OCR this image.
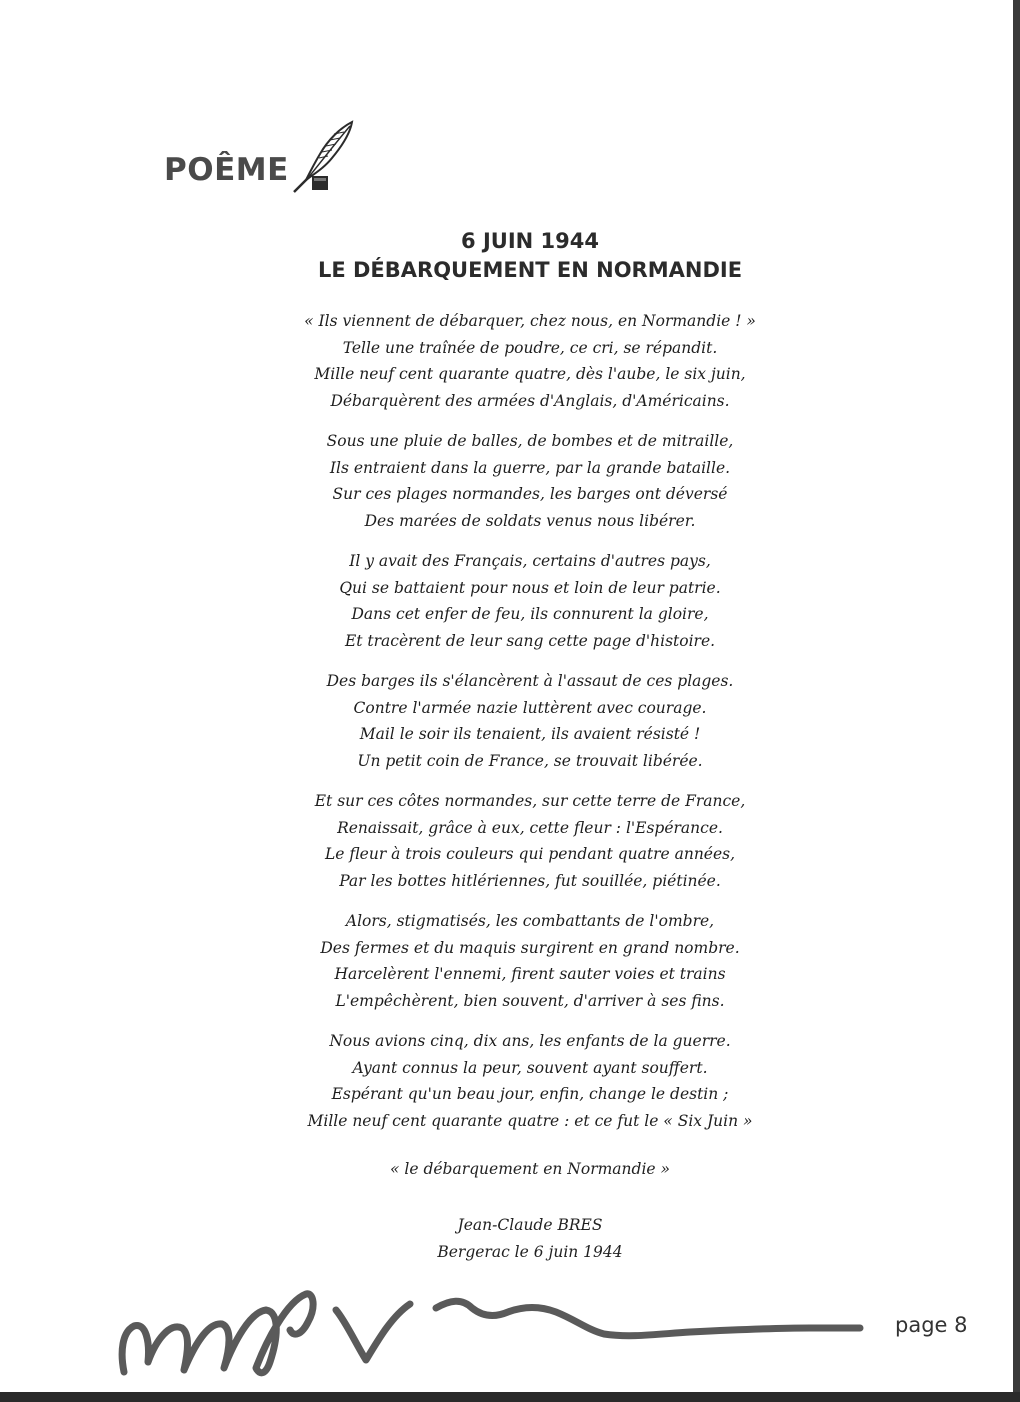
POÊME
6 JUIN 1944
LE DÉBARQUEMENT EN NORMANDIE
« Ils viennent de débarquer, chez nous, en Normandie ! »
Telle une traînée de poudre, ce cri, se répandit.
Mille neuf cent quarante quatre, dès l'aube, le six juin,
Débarquèrent des armées d'Anglais, d'Américains.
Sous une pluie de balles, de bombes et de mitraille,
Ils entraient dans la guerre, par la grande bataille.
Sur ces plages normandes, les barges ont déversé
Des marées de soldats venus nous libérer.
Il y avait des Français, certains d'autres pays,
Qui se battaient pour nous et loin de leur patrie.
Dans cet enfer de feu, ils connurent la gloire,
Et tracèrent de leur sang cette page d'histoire.
Des barges ils s'élancèrent à l'assaut de ces plages.
Contre l'armée nazie luttèrent avec courage.
Mail le soir ils tenaient, ils avaient résisté !
Un petit coin de France, se trouvait libérée.
Et sur ces côtes normandes, sur cette terre de France,
Renaissait, grâce à eux, cette fleur : l'Espérance.
Le fleur à trois couleurs qui pendant quatre années,
Par les bottes hitlériennes, fut souillée, piétinée.
Alors, stigmatisés, les combattants de l'ombre,
Des fermes et du maquis surgirent en grand nombre.
Harcelèrent l'ennemi, firent sauter voies et trains
L'empêchèrent, bien souvent, d'arriver à ses fins.
Nous avions cinq, dix ans, les enfants de la guerre.
Ayant connus la peur, souvent ayant souffert.
Espérant qu'un beau jour, enfin, change le destin ;
Mille neuf cent quarante quatre : et ce fut le « Six Juin »
« le débarquement en Normandie »
Jean-Claude BRES
Bergerac le 6 juin 1944
page 8
